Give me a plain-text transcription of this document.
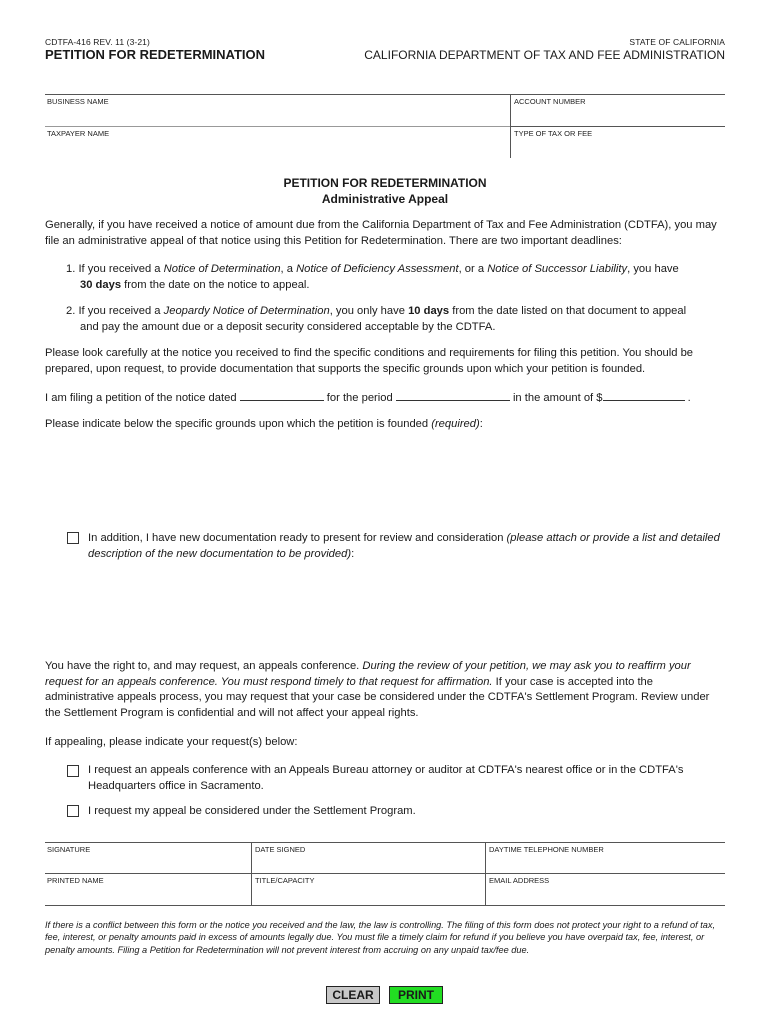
CDTFA-416 REV. 11 (3-21)
PETITION FOR REDETERMINATION
STATE OF CALIFORNIA
CALIFORNIA DEPARTMENT OF TAX AND FEE ADMINISTRATION
BUSINESS NAME	ACCOUNT NUMBER
TAXPAYER NAME	TYPE OF TAX OR FEE
PETITION FOR REDETERMINATION
Administrative Appeal
Generally, if you have received a notice of amount due from the California Department of Tax and Fee Administration (CDTFA), you may file an administrative appeal of that notice using this Petition for Redetermination. There are two important deadlines:
1. If you received a Notice of Determination, a Notice of Deficiency Assessment, or a Notice of Successor Liability, you have
30 days from the date on the notice to appeal.
2. If you received a Jeopardy Notice of Determination, you only have 10 days from the date listed on that document to appeal
and pay the amount due or a deposit security considered acceptable by the CDTFA.
Please look carefully at the notice you received to find the specific conditions and requirements for filing this petition. You should be prepared, upon request, to provide documentation that supports the specific grounds upon which your petition is founded.
I am filing a petition of the notice dated	for the period	in the amount of $	.
Please indicate below the specific grounds upon which the petition is founded (required):
In addition, I have new documentation ready to present for review and consideration (please attach or provide a list and detailed description of the new documentation to be provided):
You have the right to, and may request, an appeals conference. During the review of your petition, we may ask you to reaffirm your request for an appeals conference. You must respond timely to that request for affirmation. If your case is accepted into the administrative appeals process, you may request that your case be considered under the CDTFA's Settlement Program. Review under the Settlement Program is confidential and will not affect your appeal rights.
If appealing, please indicate your request(s) below:
I request an appeals conference with an Appeals Bureau attorney or auditor at CDTFA's nearest office or in the CDTFA's Headquarters office in Sacramento.
I request my appeal be considered under the Settlement Program.
SIGNATURE	DATE SIGNED	DAYTIME TELEPHONE NUMBER
PRINTED NAME	TITLE/CAPACITY	EMAIL ADDRESS
If there is a conflict between this form or the notice you received and the law, the law is controlling. The filing of this form does not protect your right to a refund of tax, fee, interest, or penalty amounts paid in excess of amounts legally due. You must file a timely claim for refund if you believe you have overpaid tax, fee, interest, or penalty amounts. Filing a Petition for Redetermination will not prevent interest from accruing on any unpaid tax/fee due.
CLEAR	PRINT
